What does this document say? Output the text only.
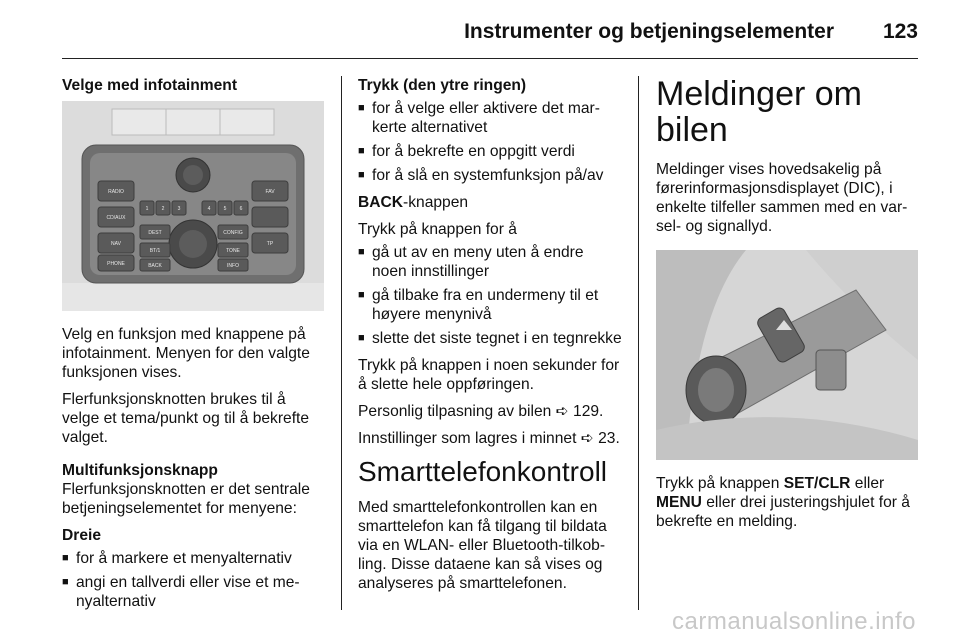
Instrumenter og betjeningselementer 123

Velge med infotainment

RADIO
CD/AUX
NAV
PHONE
FAV
TP
1	2	3	4	5	6
DEST
BT/1
BACK
CONFIG
TONE
INFO

Velg en funksjon med knappene på infotainment. Menyen for den valgte funksjonen vises.

Flerfunksjonsknotten brukes til å velge et tema/punkt og til å bekrefte valget.

Multifunksjonsknapp

Flerfunksjonsknotten er det sentrale betjeningselementet for menyene:

Dreie

■ for å markere et menyalternativ
■ angi en tallverdi eller vise et menyalternativ

Trykk (den ytre ringen)

■ for å velge eller aktivere det markerte alternativet
■ for å bekrefte en oppgitt verdi
■ for å slå en systemfunksjon på/av

BACK-knappen

Trykk på knappen for å

■ gå ut av en meny uten å endre noen innstillinger
■ gå tilbake fra en undermeny til et høyere menynivå
■ slette det siste tegnet i en tegnrekke

Trykk på knappen i noen sekunder for å slette hele oppføringen.

Personlig tilpasning av bilen ➪ 129.

Innstillinger som lagres i minnet ➪ 23.

Smarttelefonkontroll

Med smarttelefonkontrollen kan en smarttelefon kan få tilgang til bildata via en WLAN- eller Bluetooth-tilkobling. Disse dataene kan så vises og analyseres på smarttelefonen.

Meldinger om bilen

Meldinger vises hovedsakelig på førerinformasjonsdisplayet (DIC), i enkelte tilfeller sammen med en varsel- og signallyd.

Trykk på knappen SET/CLR eller MENU eller drei justeringshjulet for å bekrefte en melding.

carmanualsonline.info
